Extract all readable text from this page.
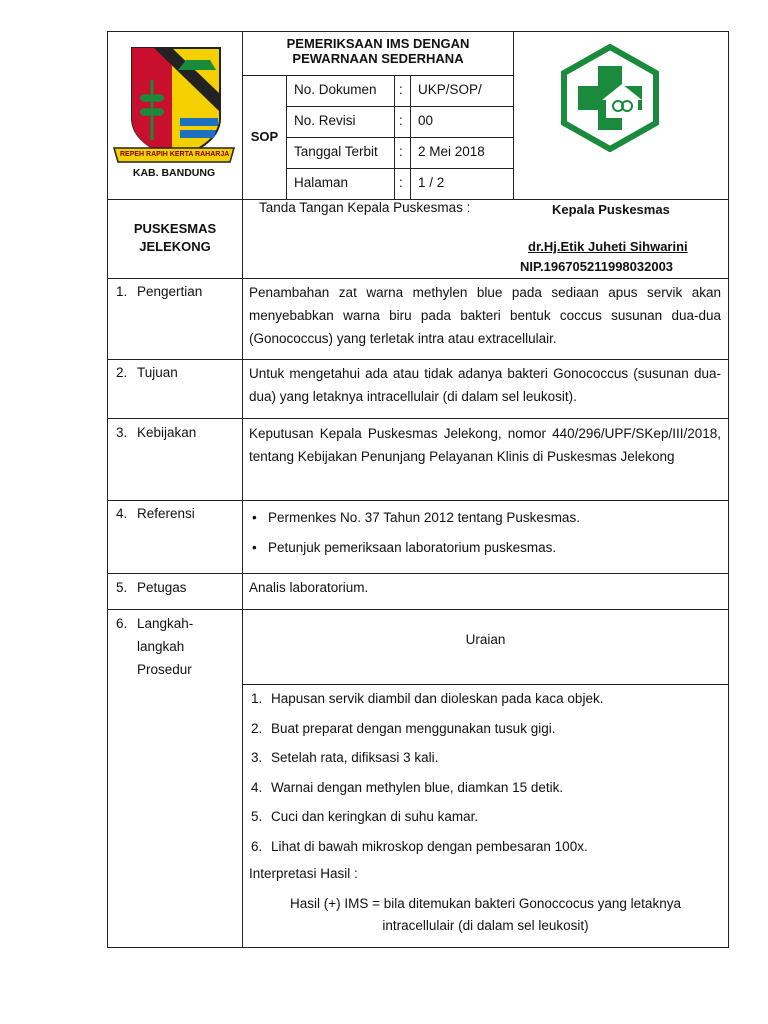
REPEH RAPIH KERTA RAHARJA
KAB. BANDUNG
PEMERIKSAAN IMS DENGAN
PEWARNAAN SEDERHANA
SOP
No. Dokumen : UKP/SOP/
No. Revisi	: 00
Tanggal Terbit : 2 Mei 2018
Halaman	: 1 / 2
PUSKESMAS
JELEKONG
Tanda Tangan Kepala Puskesmas :	Kepala Puskesmas
dr.Hj.Etik Juheti Sihwarini
NIP.196705211998032003
1. Pengertian	Penambahan zat warna methylen blue pada sediaan apus servik akan menyebabkan warna biru pada bakteri bentuk coccus susunan dua-dua (Gonococcus) yang terletak intra atau extracellulair.
2. Tujuan	Untuk mengetahui ada atau tidak adanya bakteri Gonococcus (susunan dua-dua) yang letaknya intracellulair (di dalam sel leukosit).
3. Kebijakan	Keputusan Kepala Puskesmas Jelekong, nomor 440/296/UPF/SKep/III/2018, tentang Kebijakan Penunjang Pelayanan Klinis di Puskesmas Jelekong
4. Referensi
•	Permenkes No. 37 Tahun 2012 tentang Puskesmas.
• Petunjuk pemeriksaan laboratorium puskesmas.
5. Petugas	Analis laboratorium.
6. Langkah-
langkah
Prosedur
Uraian
1. Hapusan servik diambil dan dioleskan pada kaca objek.
2. Buat preparat dengan menggunakan tusuk gigi.
3. Setelah rata, difiksasi 3 kali.
4. Warnai dengan methylen blue, diamkan 15 detik.
5. Cuci dan keringkan di suhu kamar.
6. Lihat di bawah mikroskop dengan pembesaran 100x.
Interpretasi Hasil :
Hasil (+) IMS = bila ditemukan bakteri Gonoccocus yang letaknya
intracellulair (di dalam sel leukosit)
